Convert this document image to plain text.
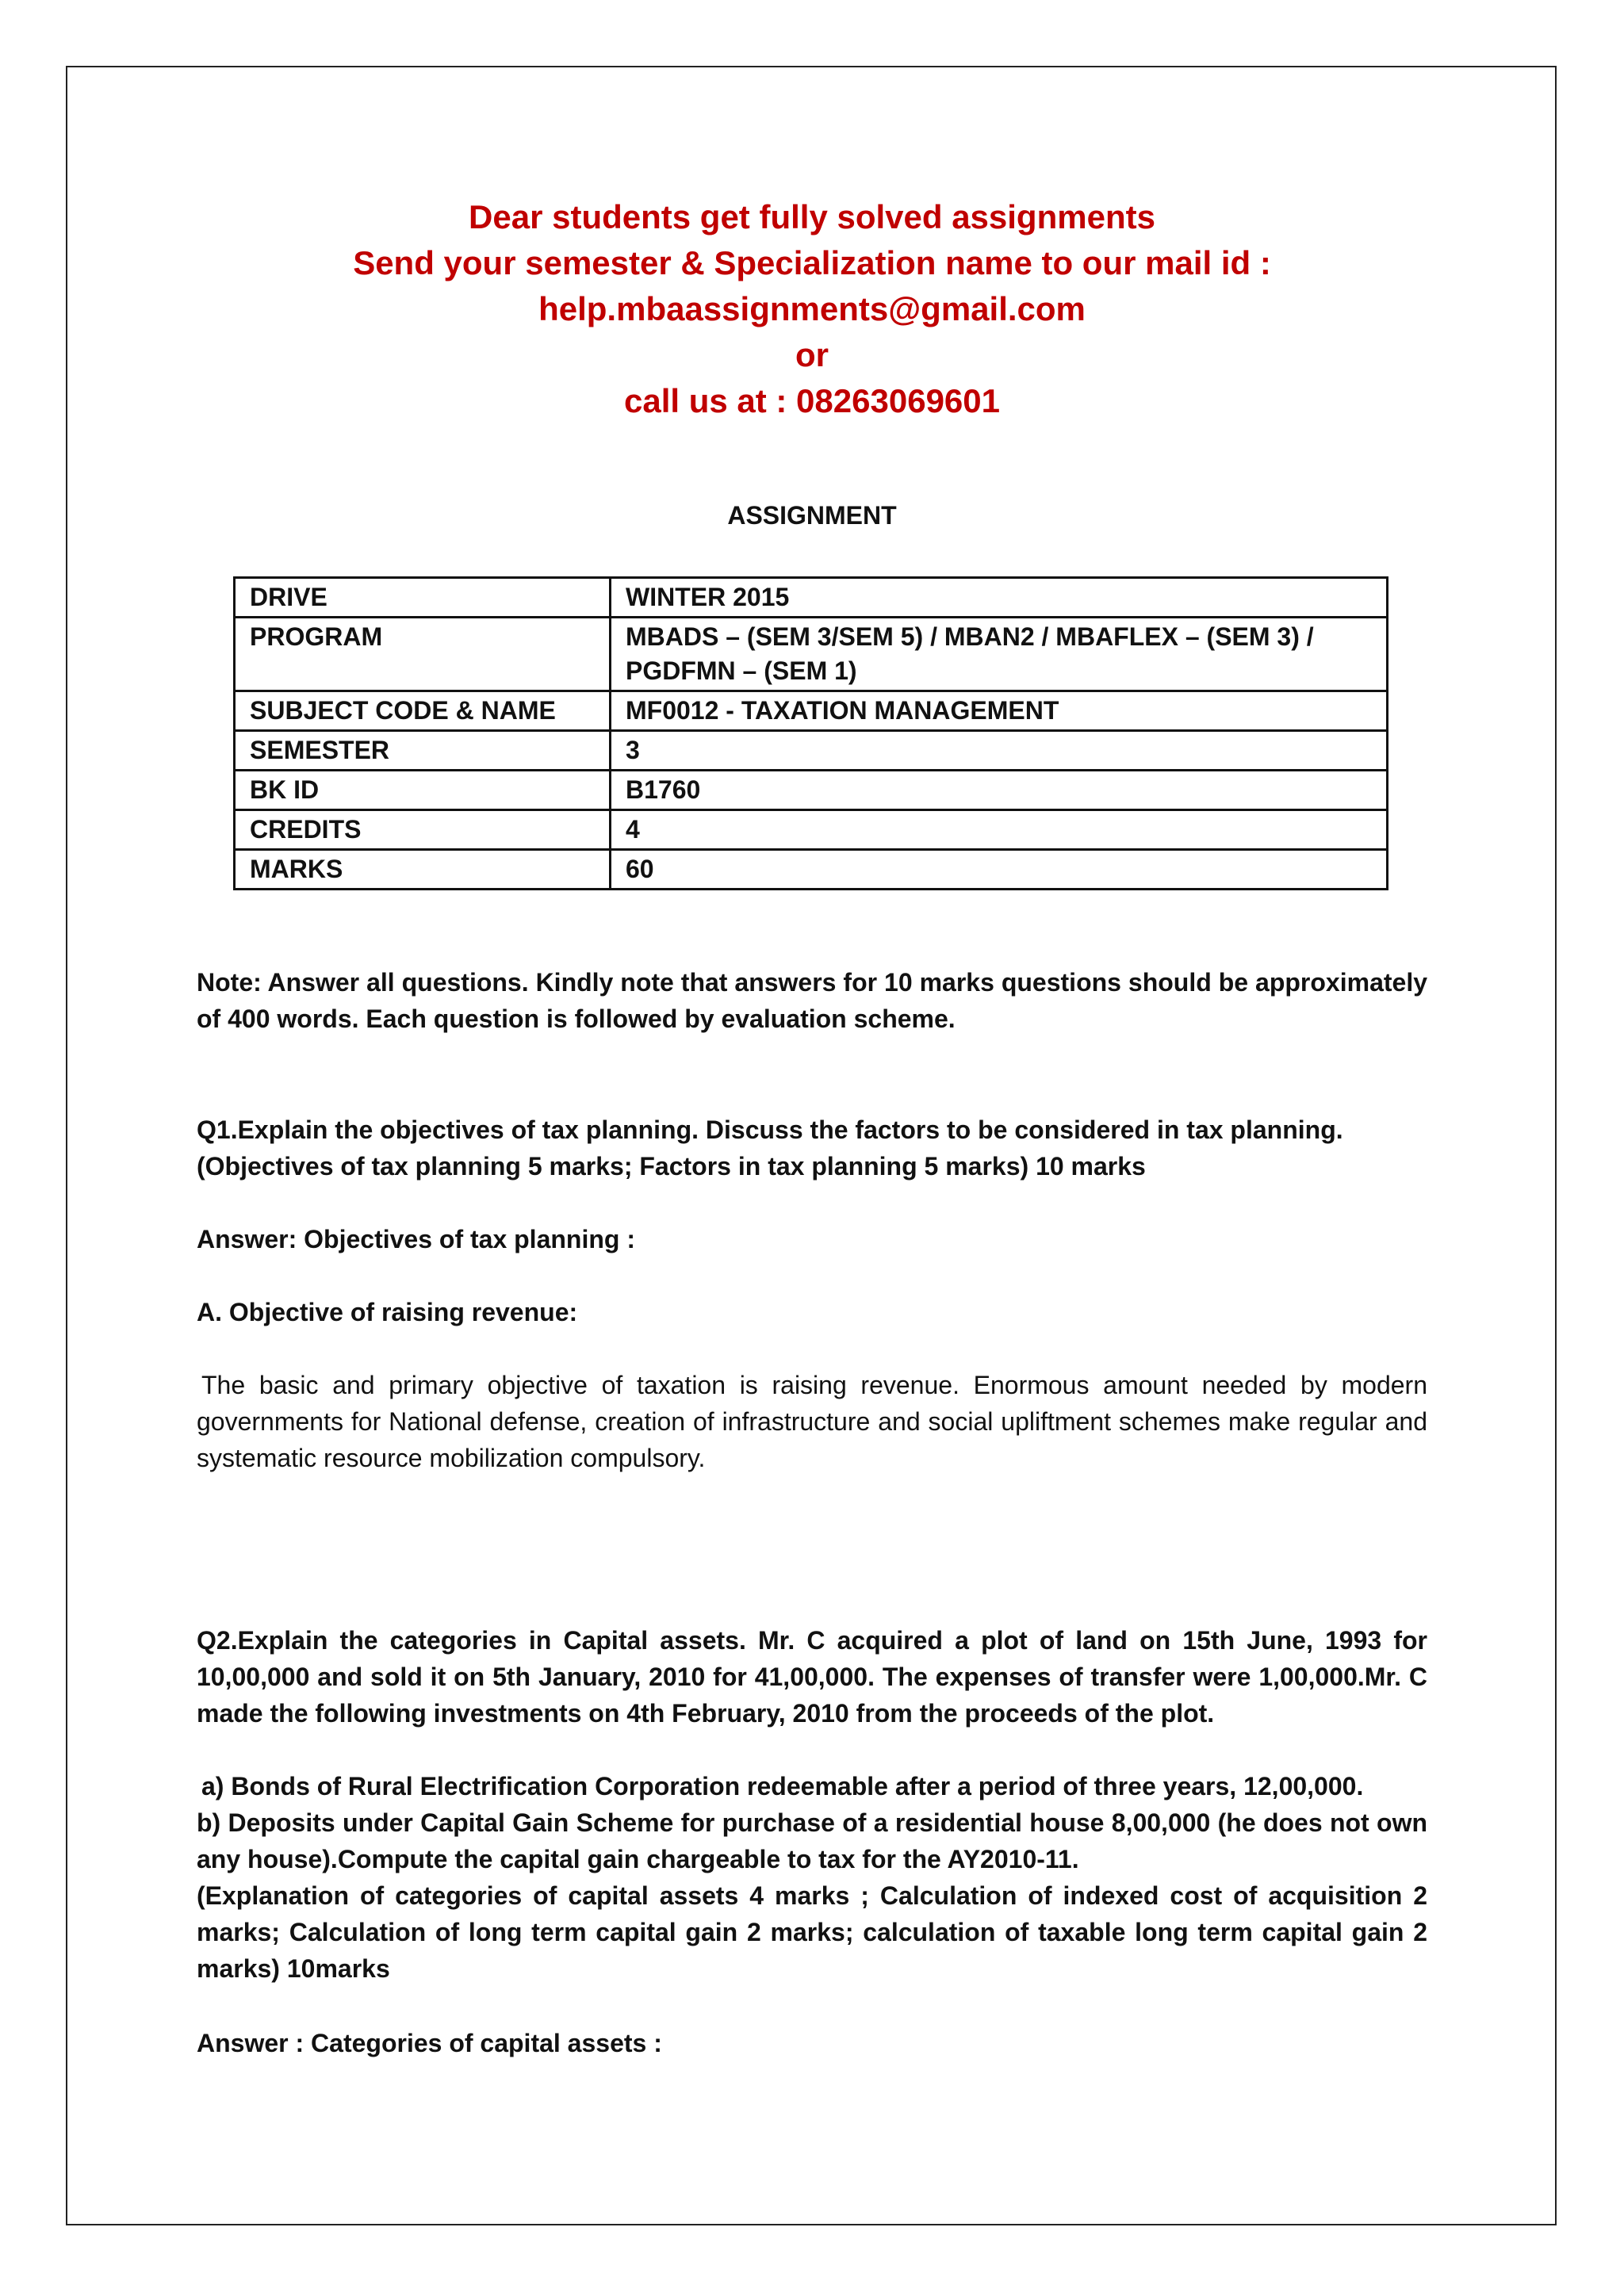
Dear students get fully solved assignments
Send your semester & Specialization name to our mail id :
help.mbaassignments@gmail.com
or
call us at : 08263069601
ASSIGNMENT
DRIVE	WINTER 2015
PROGRAM	MBADS – (SEM 3/SEM 5) / MBAN2 / MBAFLEX – (SEM 3) /
PGDFMN – (SEM 1)

SUBJECT CODE & NAME	MF0012 - TAXATION MANAGEMENT
SEMESTER	3
BK ID	B1760
CREDITS	4
MARKS	60
Note: Answer all questions. Kindly note that answers for 10 marks questions should be approximately of 400 words. Each question is followed by evaluation scheme.
Q1.Explain the objectives of tax planning. Discuss the factors to be considered in tax planning.
(Objectives of tax planning 5 marks; Factors in tax planning 5 marks) 10 marks
Answer: Objectives of tax planning :
A. Objective of raising revenue:
The basic and primary objective of taxation is raising revenue. Enormous amount needed by modern governments for National defense, creation of infrastructure and social upliftment schemes make regular and systematic resource mobilization compulsory.
Q2.Explain the categories in Capital assets. Mr. C acquired a plot of land on 15th June, 1993 for 10,00,000 and sold it on 5th January, 2010 for 41,00,000. The expenses of transfer were 1,00,000.Mr. C made the following investments on 4th February, 2010 from the proceeds of the plot.
a) Bonds of Rural Electrification Corporation redeemable after a period of three years, 12,00,000.
b) Deposits under Capital Gain Scheme for purchase of a residential house 8,00,000 (he does not own any house).Compute the capital gain chargeable to tax for the AY2010-11.
(Explanation of categories of capital assets 4 marks ; Calculation of indexed cost of acquisition 2 marks; Calculation of long term capital gain 2 marks; calculation of taxable long term capital gain 2 marks) 10marks
Answer : Categories of capital assets :
